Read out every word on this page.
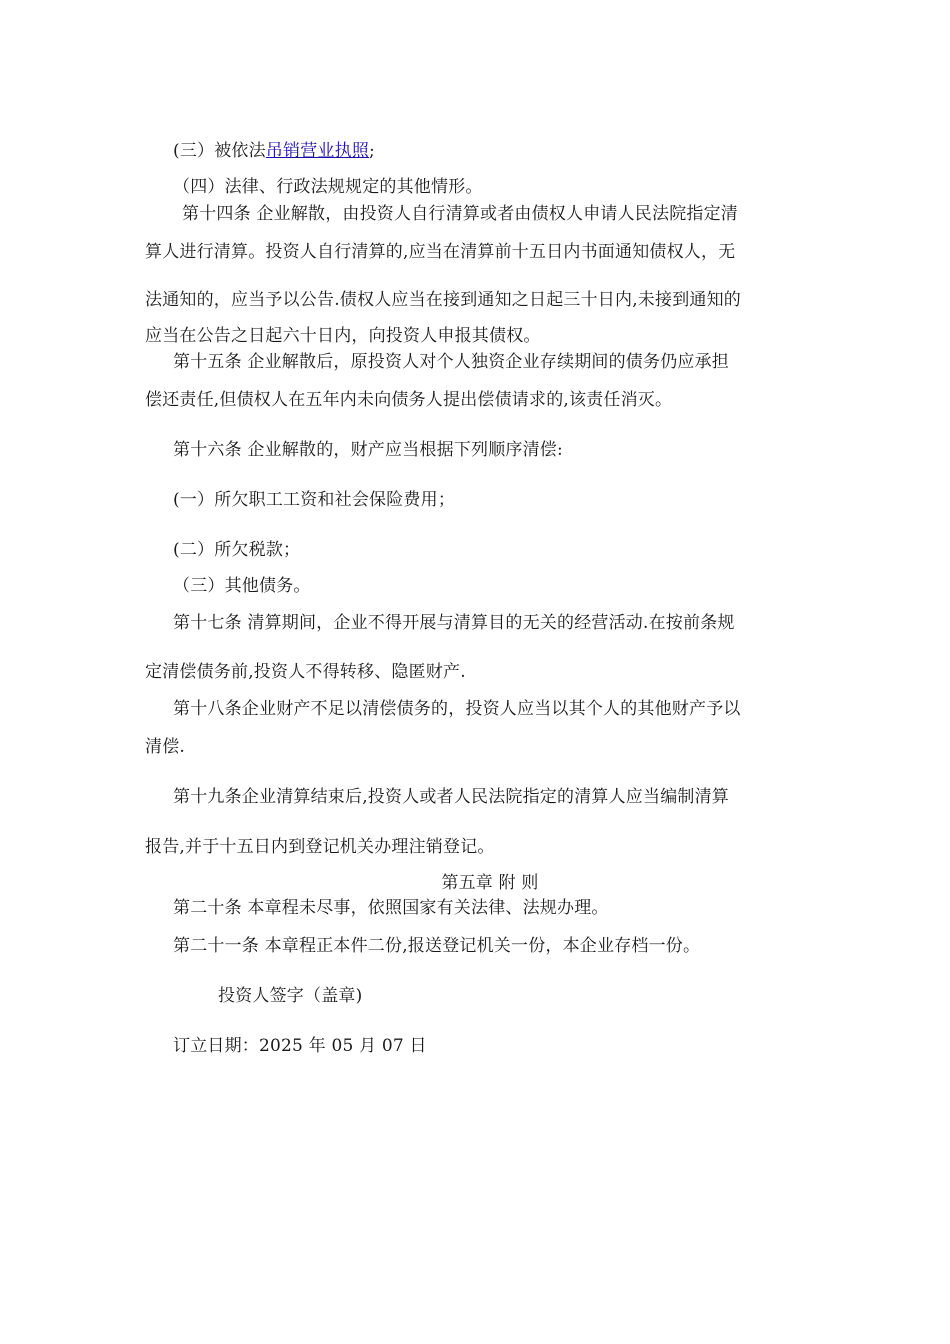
(三）被依法吊销营业执照;
（四）法律、行政法规规定的其他情形。
第十四条 企业解散，由投资人自行清算或者由债权人申请人民法院指定清
算人进行清算。投资人自行清算的,应当在清算前十五日内书面通知债权人，无
法通知的，应当予以公告.债权人应当在接到通知之日起三十日内,未接到通知的
应当在公告之日起六十日内，向投资人申报其债权。
第十五条 企业解散后，原投资人对个人独资企业存续期间的债务仍应承担
偿还责任,但债权人在五年内未向债务人提出偿债请求的,该责任消灭。
第十六条 企业解散的，财产应当根据下列顺序清偿:
(一）所欠职工工资和社会保险费用；
(二）所欠税款；
（三）其他债务。
第十七条 清算期间，企业不得开展与清算目的无关的经营活动.在按前条规
定清偿债务前,投资人不得转移、隐匿财产.
第十八条企业财产不足以清偿债务的，投资人应当以其个人的其他财产予以
清偿.
第十九条企业清算结束后,投资人或者人民法院指定的清算人应当编制清算
报告,并于十五日内到登记机关办理注销登记。
第五章 附 则
第二十条 本章程未尽事，依照国家有关法律、法规办理。
第二十一条 本章程正本件二份,报送登记机关一份，本企业存档一份。
投资人签字（盖章)
订立日期：2025 年 05 月 07 日
